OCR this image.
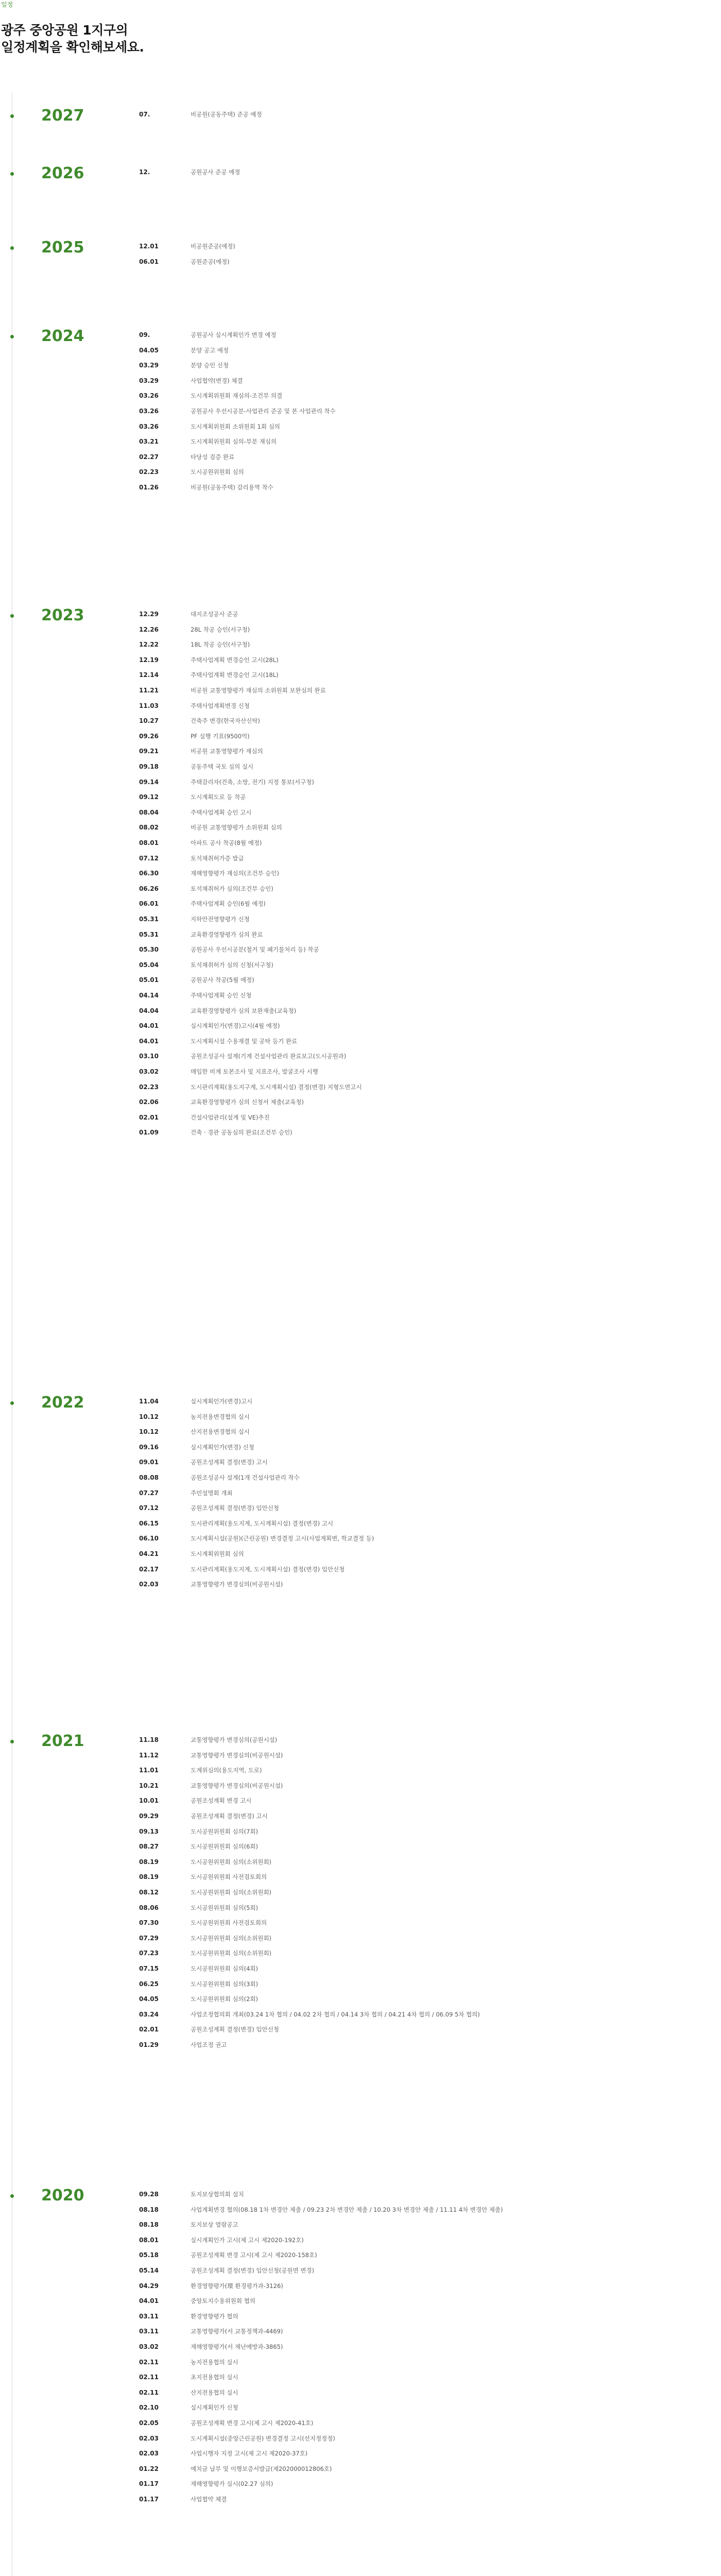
일정
광주 중앙공원 1지구의
일정계획을 확인해보세요.
2027	07.	비공원(공동주택) 준공 예정
2026	12.	공원공사 준공 예정
2025	12.01	비공원준공(예정)
06.01	공원준공(예정)
2024	09.	공원공사 실시계획인가 변경 예정
04.05	분양 공고 예정
03.29	분양 승인 신청
03.29	사업협약(변경) 체결
03.26	도시계획위원회 재심의-조건부 의결
03.26	공원공사 우선시공분-사업관리 준공 및 본 사업관리 착수
03.26	도시계획위원회 소위원회 1회 심의
03.21	도시계획위원회 심의-부분 재심의
02.27	타당성 검증 완료
02.23	도시공원위원회 심의
01.26	비공원(공동주택) 감리용역 착수
2023	12.29	대지조성공사 준공
12.26	28L 착공 승인(서구청)
12.22	18L 착공 승인(서구청)
12.19	주택사업계획 변경승인 고시(28L)
12.14	주택사업계획 변경승인 고시(18L)
11.21	비공원 교통영향평가 재심의 소위원회 보완심의 완료
11.03	주택사업계획변경 신청
10.27	건축주 변경(한국자산신탁)
09.26	PF 실행 기표(9500억)
09.21	비공원 교통영향평가 재심의
09.18	공동주택 국토 심의 실시
09.14	주택감리자(건축, 소방, 전기) 지정 통보(서구청)
09.12	도시계획도로 등 착공
08.04	주택사업계획 승인 고시
08.02	비공원 교통영향평가 소위원회 심의
08.01	아파트 공사 착공(8월 예정)
07.12	토석채취허가증 발급
06.30	재해영향평가 재심의(조건부 승인)
06.26	토석채취허가 심의(조건부 승인)
06.01	주택사업계획 승인(6월 예정)
05.31	지하안전영향평가 신청
05.31	교육환경영향평가 심의 완료
05.30	공원공사 우선시공분(철거 및 폐기물처리 등) 착공
05.04	토석채취허가 심의 신청(서구청)
05.01	공원공사 착공(5월 예정)
04.14	주택사업계획 승인 신청
04.04	교육환경영향평가 심의 보완재출(교육청)
04.01	실시계획인가(변경)고시(4월 예정)
04.01	도시계획시설 수용재결 및 공탁 등기 완료
03.10	공원조성공사 설계(기계 건설사업관리 완료보고(도시공원과)
03.02	매입한 비계 토본조사 및 지표조사, 발굴조사 시행
02.23	도시관리계획(용도지구계, 도시계획시설) 결정(변경) 지형도면고시
02.06	교육환경영향평가 심의 신청서 제출(교육청)
02.01	건설사업관리(설계 및 VE)추진
01.09	건축 · 경관 공동심의 완료(조건부 승인)
2022	11.04	실시계획인가(변경)고시
10.12	농지전용변경협의 실시
10.12	산지전용변경협의 실시
09.16	실시계획인가(변경) 신청
09.01	공원조성계획 결정(변경) 고시
08.08	공원조성공사 설계(1개 건설사업관리 착수
07.27	주민설명회 개최
07.12	공원조성계획 결정(변경) 입안신청
06.15	도시관리계획(용도지계, 도시계획시설) 결정(변경) 고시
06.10	도시계획시설(공원)(근린공원) 변경결정 고시(사업계획변, 학교결정 등)
04.21	도시계획위원회 심의
02.17	도시관리계획(용도지계, 도시계획시설) 결정(변경) 입안신청
02.03	교통영향평가 변경심의(비공원시설)
2021	11.18	교통영향평가 변경심의(공원시설)
11.12	교통영향평가 변경심의(비공원시설)
11.01	도계위심의(용도지역, 도로)
10.21	교통영향평가 변경심의(비공원시설)
10.01	공원조성계획 변경 고시
09.29	공원조성계획 결정(변경) 고시
09.13	도시공원위원회 심의(7회)
08.27	도시공원위원회 심의(6회)
08.19	도시공원위원회 심의(소위원회)
08.19	도시공원위원회 사전검토회의
08.12	도시공원위원회 심의(소위원회)
08.06	도시공원위원회 심의(5회)
07.30	도시공원위원회 사전검토회의
07.29	도시공원위원회 심의(소위원회)
07.23	도시공원위원회 심의(소위원회)
07.15	도시공원위원회 심의(4회)
06.25	도시공원위원회 심의(3회)
04.05	도시공원위원회 심의(2회)
03.24	사업조정협의회 개최(03.24 1차 협의 / 04.02 2차 협의 / 04.14 3차 협의 / 04.21 4차 협의 / 06.09 5차 협의)
02.01	공원조성계획 결정(변경) 입안신청
01.29	사업조정 권고
2020	09.28	토지보상협의회 설치
08.18	사업계획변경 협의(08.18 1차 변경안 제출 / 09.23 2차 변경안 제출 / 10.20 3차 변경안 제출 / 11.11 4차 변경안 제출)
08.18	토지보상 열람공고
08.01	실시계획인가 고시(제 고시 제2020-192호)
05.18	공원조성계획 변경 고시(제 고시 제2020-158호)
05.14	공원조성계획 결정(변경) 입안신청(공원면 변경)
04.29	환경영향평가(環 환경평가과-3126)
04.01	중앙토지수용위원회 협의
03.11	환경영향평가 협의
03.11	교통영향평가(서 교통정책과-4469)
03.02	재해영향평가(서 재난예방과-3865)
02.11	농지전용협의 실시
02.11	초지전용협의 실시
02.11	산지전용협의 실시
02.10	실시계획인가 신청
02.05	공원조성계획 변경 고시(제 고시 제2020-41호)
02.03	도시계획시설(중앙근린공원) 변경결정 고시(선지정정정)
02.03	사업시행자 지정 고시(제 고시 제2020-37호)
01.22	예치금 납부 및 이행보증서발급(제202000012806호)
01.17	재해영향평가 실시(02.27 심의)
01.17	사업협약 체결
